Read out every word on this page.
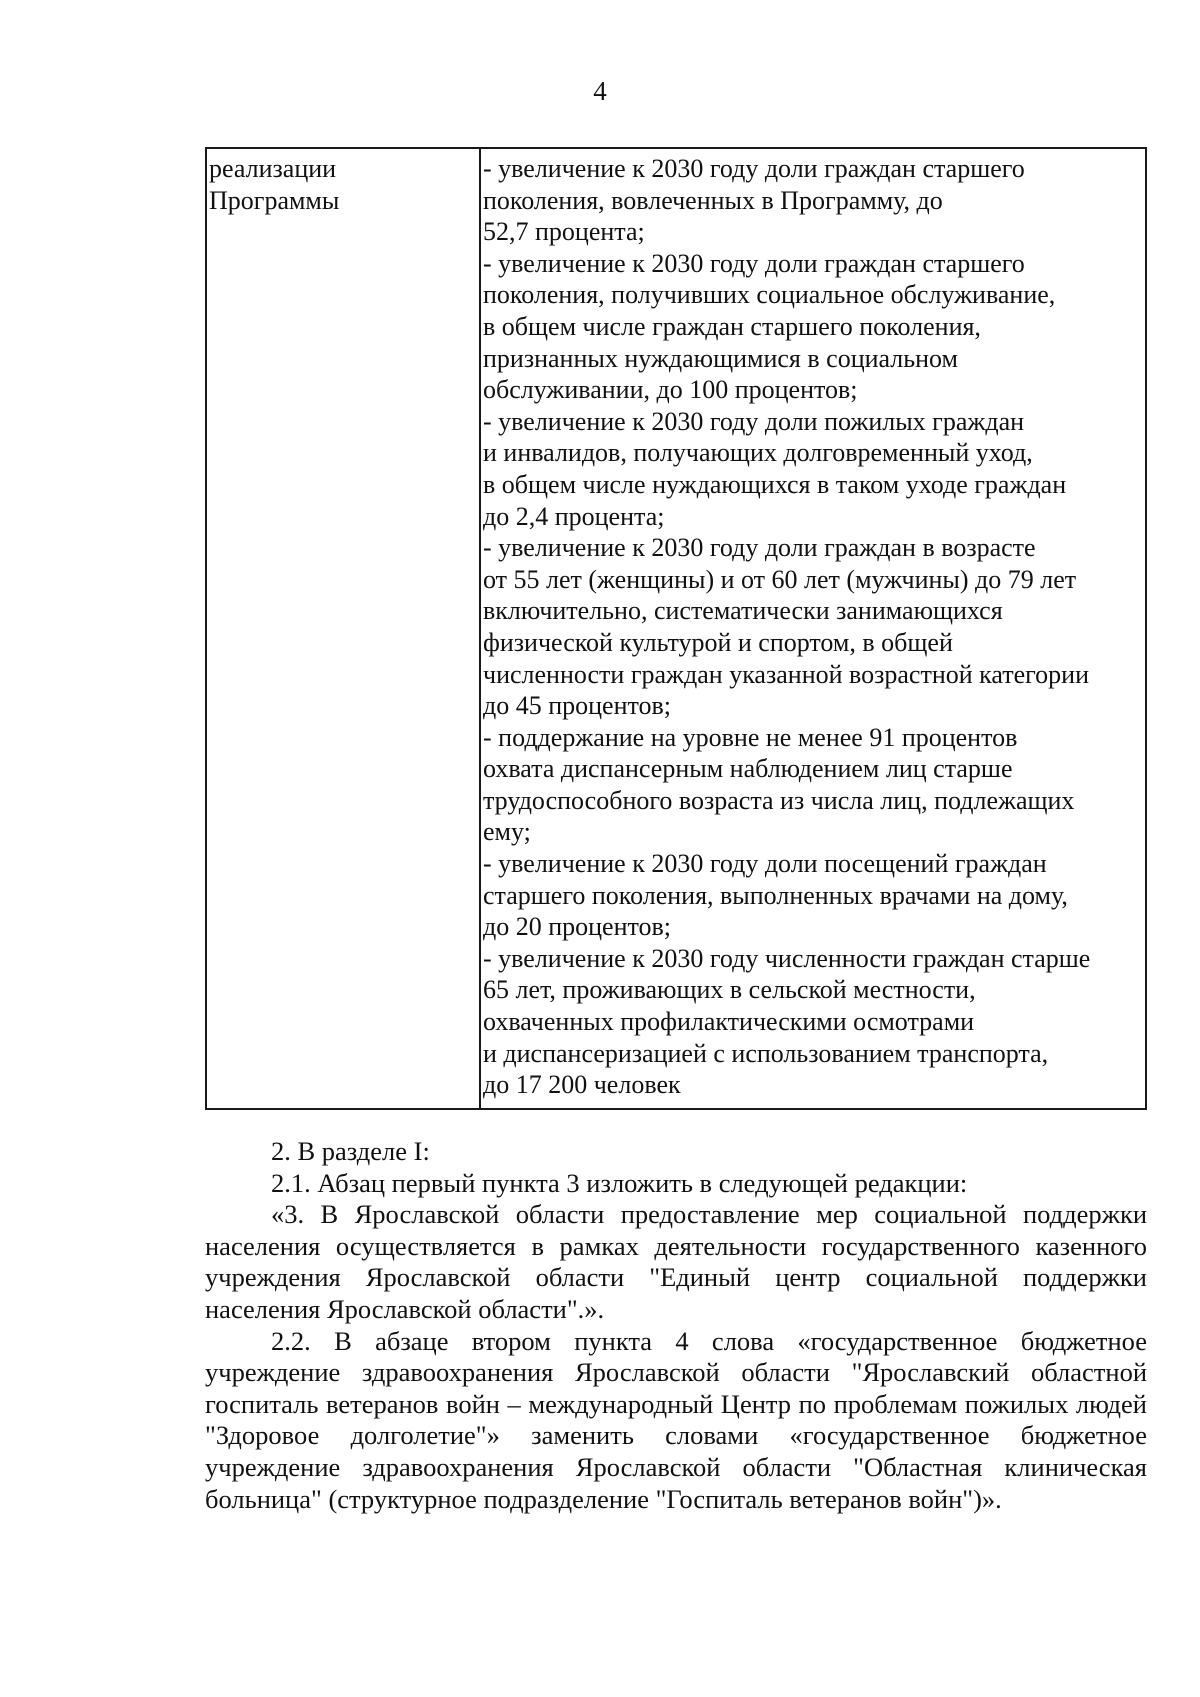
4
реализации
Программы
- увеличение к 2030 году доли граждан старшего
поколения, вовлеченных в Программу, до
52,7 процента;
- увеличение к 2030 году доли граждан старшего
поколения, получивших социальное обслуживание,
в общем числе граждан старшего поколения,
признанных нуждающимися в социальном
обслуживании, до 100 процентов;
- увеличение к 2030 году доли пожилых граждан
и инвалидов, получающих долговременный уход,
в общем числе нуждающихся в таком уходе граждан
до 2,4 процента;
- увеличение к 2030 году доли граждан в возрасте
от 55 лет (женщины) и от 60 лет (мужчины) до 79 лет
включительно, систематически занимающихся
физической культурой и спортом, в общей
численности граждан указанной возрастной категории
до 45 процентов;
- поддержание на уровне не менее 91 процентов
охвата диспансерным наблюдением лиц старше
трудоспособного возраста из числа лиц, подлежащих
ему;
- увеличение к 2030 году доли посещений граждан
старшего поколения, выполненных врачами на дому,
до 20 процентов;
- увеличение к 2030 году численности граждан старше
65 лет, проживающих в сельской местности,
охваченных профилактическими осмотрами
и диспансеризацией с использованием транспорта,
до 17 200 человек

2. В разделе I:

2.1. Абзац первый пункта 3 изложить в следующей редакции:

«3. В Ярославской области предоставление мер социальной поддержки населения осуществляется в рамках деятельности государственного казенного учреждения Ярославской области "Единый центр социальной поддержки населения Ярославской области".».

2.2. В абзаце втором пункта 4 слова «государственное бюджетное учреждение здравоохранения Ярославской области "Ярославский областной госпиталь ветеранов войн – международный Центр по проблемам пожилых людей "Здоровое долголетие"» заменить словами «государственное бюджетное учреждение здравоохранения Ярославской области "Областная клиническая больница" (структурное подразделение "Госпиталь ветеранов войн")».
